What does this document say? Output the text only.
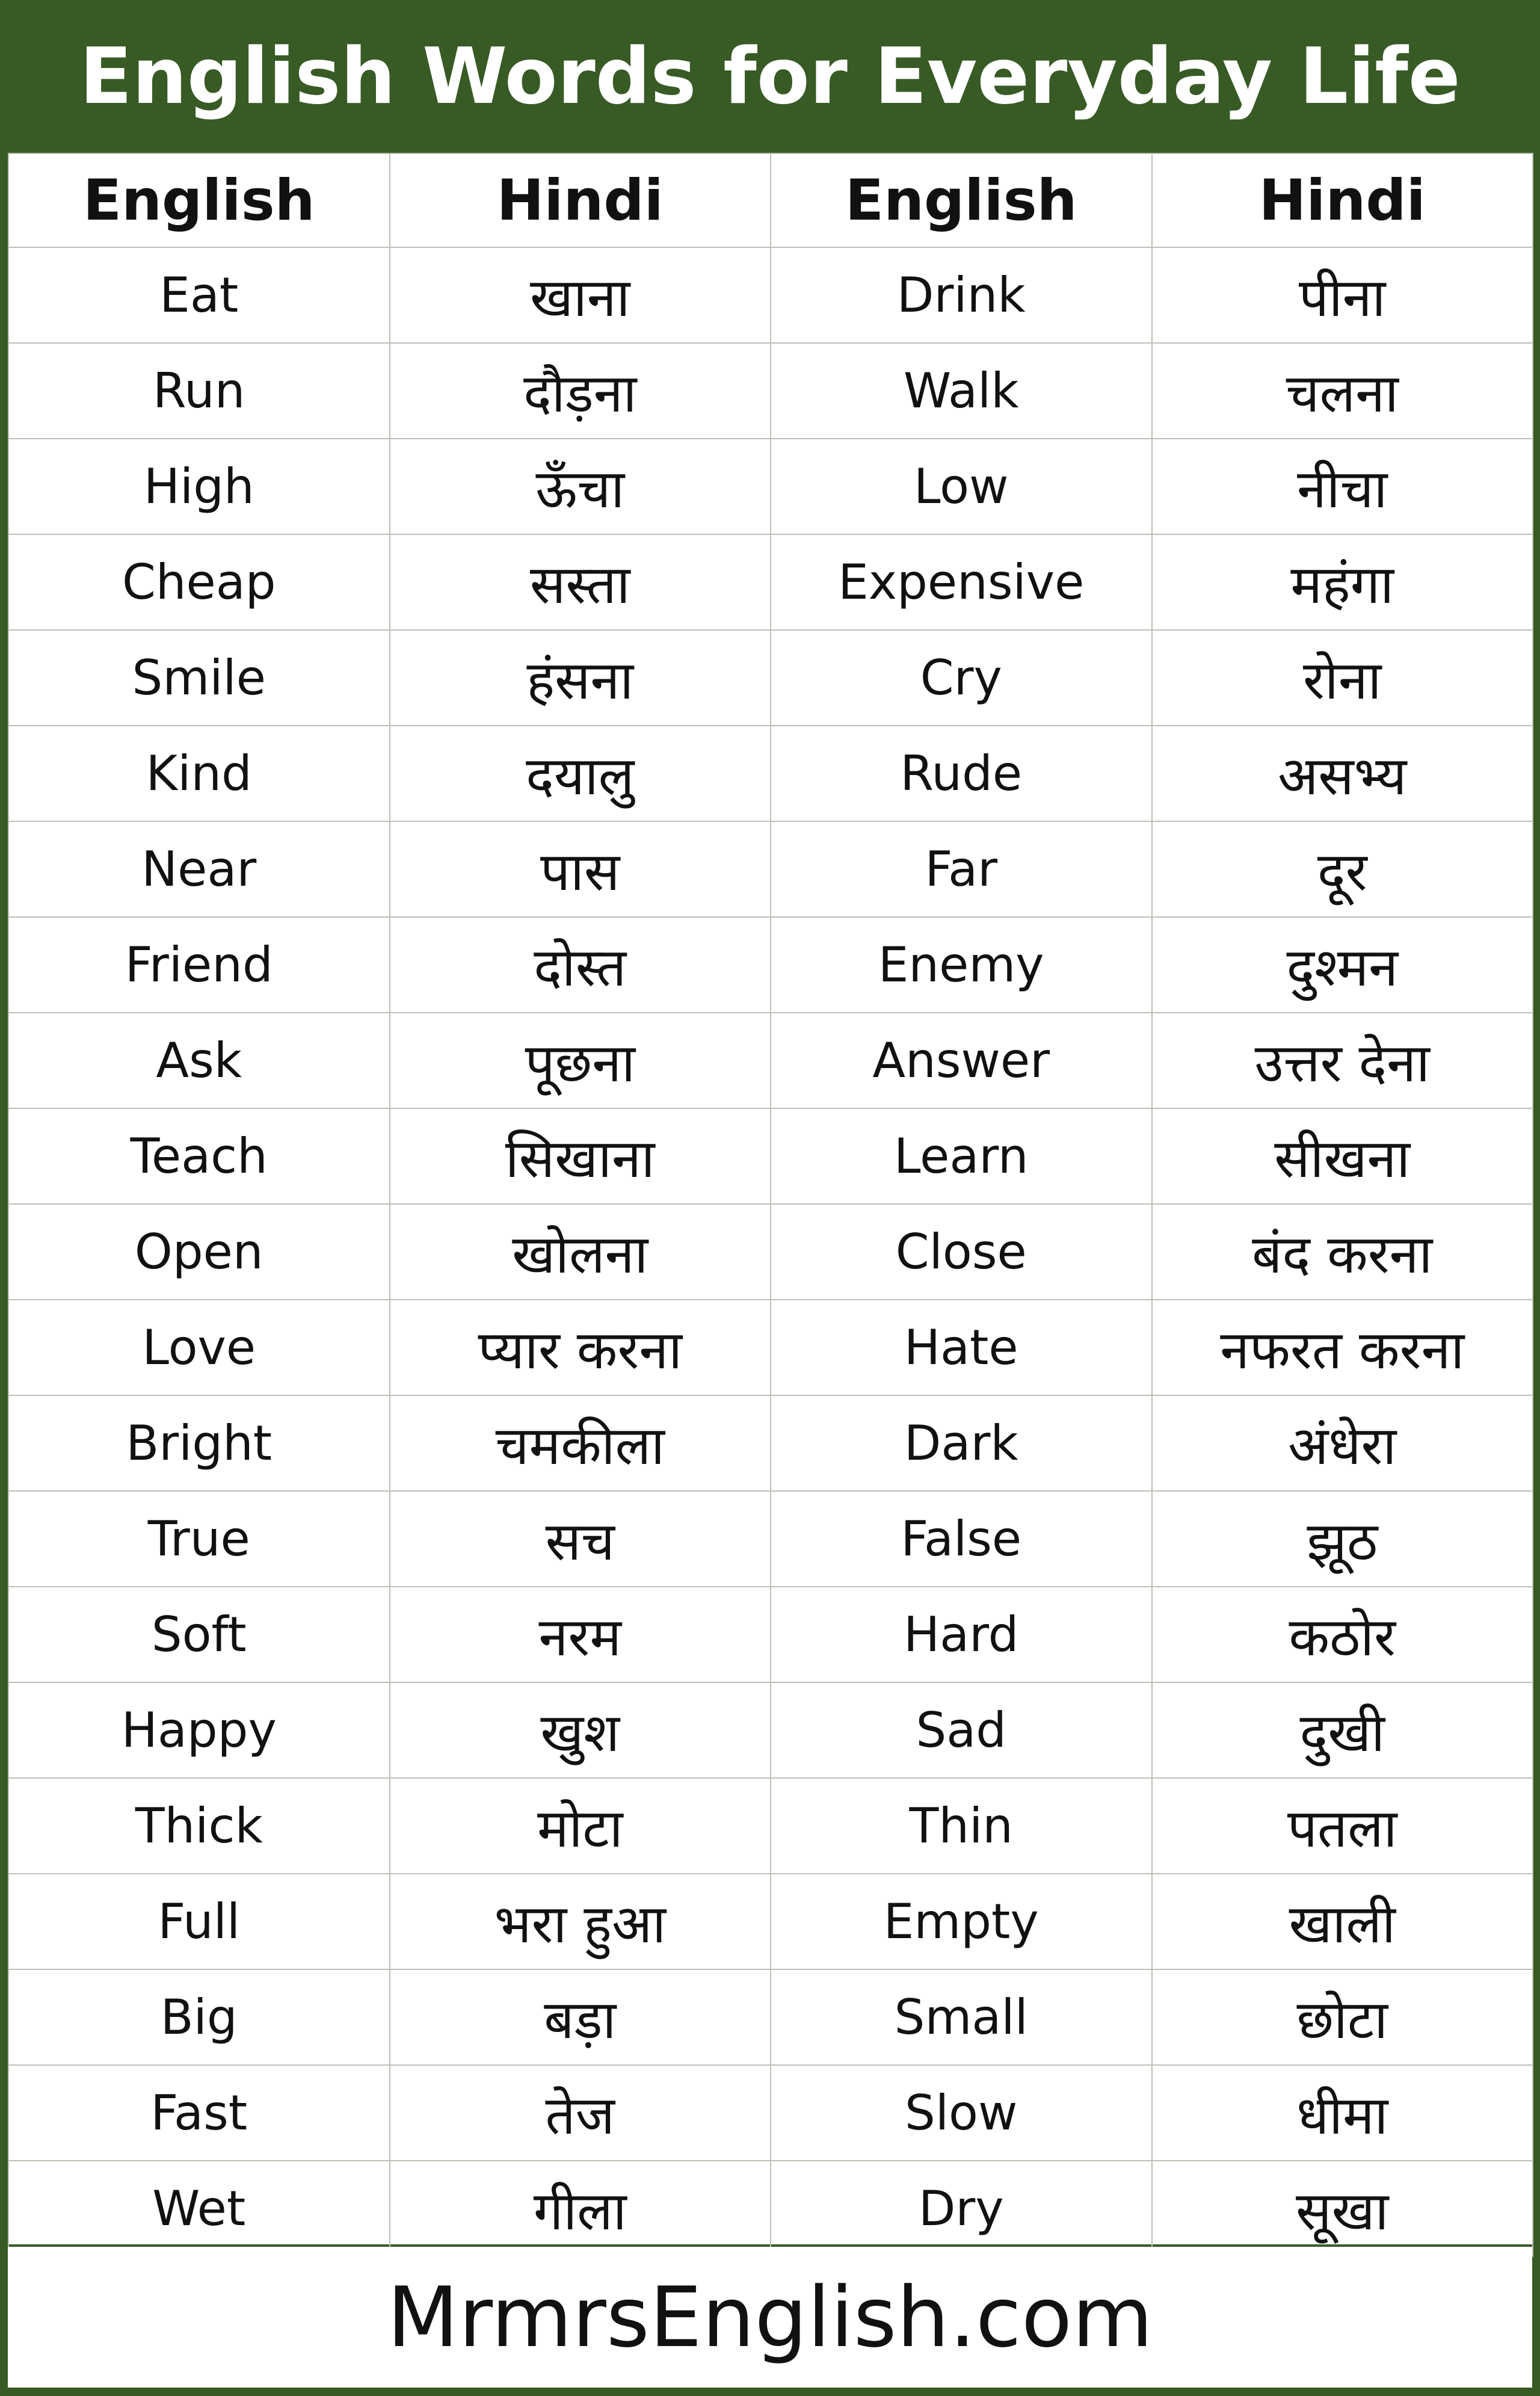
English Words for Everyday Life
English	Hindi	English	Hindi
Eat	खाना	Drink	पीना
Run	दौड़ना	Walk	चलना
High	ऊँचा	Low	नीचा
Cheap	सस्ता	Expensive	महंगा
Smile	हंसना	Cry	रोना
Kind	दयालु	Rude	असभ्य
Near	पास	Far	दूर
Friend	दोस्त	Enemy	दुश्मन
Ask	पूछना	Answer	उत्तर देना
Teach	सिखाना	Learn	सीखना
Open	खोलना	Close	बंद करना
Love	प्यार करना	Hate	नफरत करना
Bright	चमकीला	Dark	अंधेरा
True	सच	False	झूठ
Soft	नरम	Hard	कठोर
Happy	खुश	Sad	दुखी
Thick	मोटा	Thin	पतला
Full	भरा हुआ	Empty	खाली
Big	बड़ा	Small	छोटा
Fast	तेज	Slow	धीमा
Wet	गीला	Dry	सूखा
MrmrsEnglish.com
